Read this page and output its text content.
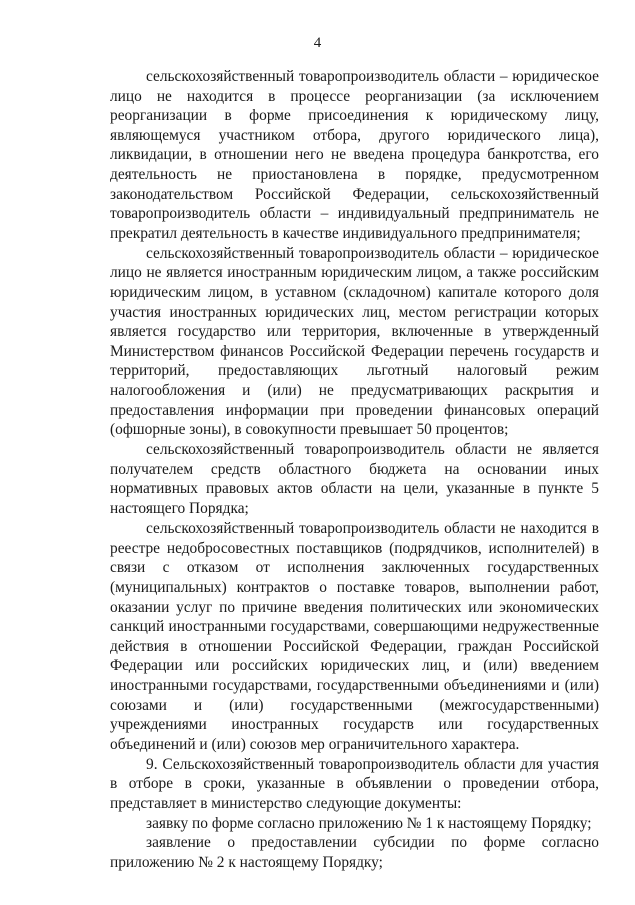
4

сельскохозяйственный товаропроизводитель области – юридическое лицо не находится в процессе реорганизации (за исключением реорганизации в форме присоединения к юридическому лицу, являющемуся участником отбора, другого юридического лица), ликвидации, в отношении него не введена процедура банкротства, его деятельность не приостановлена в порядке, предусмотренном законодательством Российской Федерации, сельскохозяйственный товаропроизводитель области – индивидуальный предприниматель не прекратил деятельность в качестве индивидуального предпринимателя;

сельскохозяйственный товаропроизводитель области – юридическое лицо не является иностранным юридическим лицом, а также российским юридическим лицом, в уставном (складочном) капитале которого доля участия иностранных юридических лиц, местом регистрации которых является государство или территория, включенные в утвержденный Министерством финансов Российской Федерации перечень государств и территорий, предоставляющих льготный налоговый режим налогообложения и (или) не предусматривающих раскрытия и предоставления информации при проведении финансовых операций (офшорные зоны), в совокупности превышает 50 процентов;

сельскохозяйственный товаропроизводитель области не является получателем средств областного бюджета на основании иных нормативных правовых актов области на цели, указанные в пункте 5 настоящего Порядка;

сельскохозяйственный товаропроизводитель области не находится в реестре недобросовестных поставщиков (подрядчиков, исполнителей) в связи с отказом от исполнения заключенных государственных (муниципальных) контрактов о поставке товаров, выполнении работ, оказании услуг по причине введения политических или экономических санкций иностранными государствами, совершающими недружественные действия в отношении Российской Федерации, граждан Российской Федерации или российских юридических лиц, и (или) введением иностранными государствами, государственными объединениями и (или) союзами и (или) государственными (межгосударственными) учреждениями иностранных государств или государственных объединений и (или) союзов мер ограничительного характера.

9. Сельскохозяйственный товаропроизводитель области для участия в отборе в сроки, указанные в объявлении о проведении отбора, представляет в министерство следующие документы:

заявку по форме согласно приложению № 1 к настоящему Порядку;

заявление о предоставлении субсидии по форме согласно приложению № 2 к настоящему Порядку;
